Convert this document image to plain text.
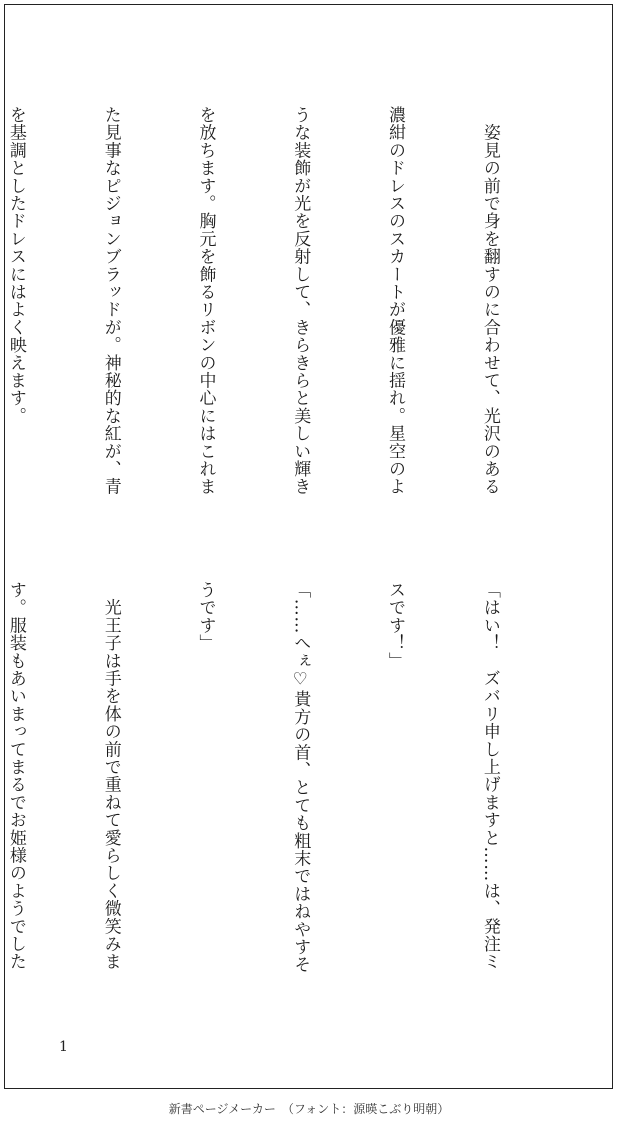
　姿見の前で身を翻すのに合わせて、光沢のある

濃紺のドレスのスカートが優雅に揺れ。星空のよ

うな装飾が光を反射して、きらきらと美しい輝き

を放ちます。胸元を飾るリボンの中心にはこれま

た見事なピジョンブラッドが。神秘的な紅が、青

を基調としたドレスにはよく映えます。

「はい！　ズバリ申し上げますと……は、発注ミ

スです！」

「……へぇ♡貴方の首、とても粗末ではねやすそ

うです」

　光王子は手を体の前で重ねて愛らしく微笑みま

す。服装もあいまってまるでお姫様のようでした

1
新書ページメーカー　（フォント：源暎こぶり明朝）
